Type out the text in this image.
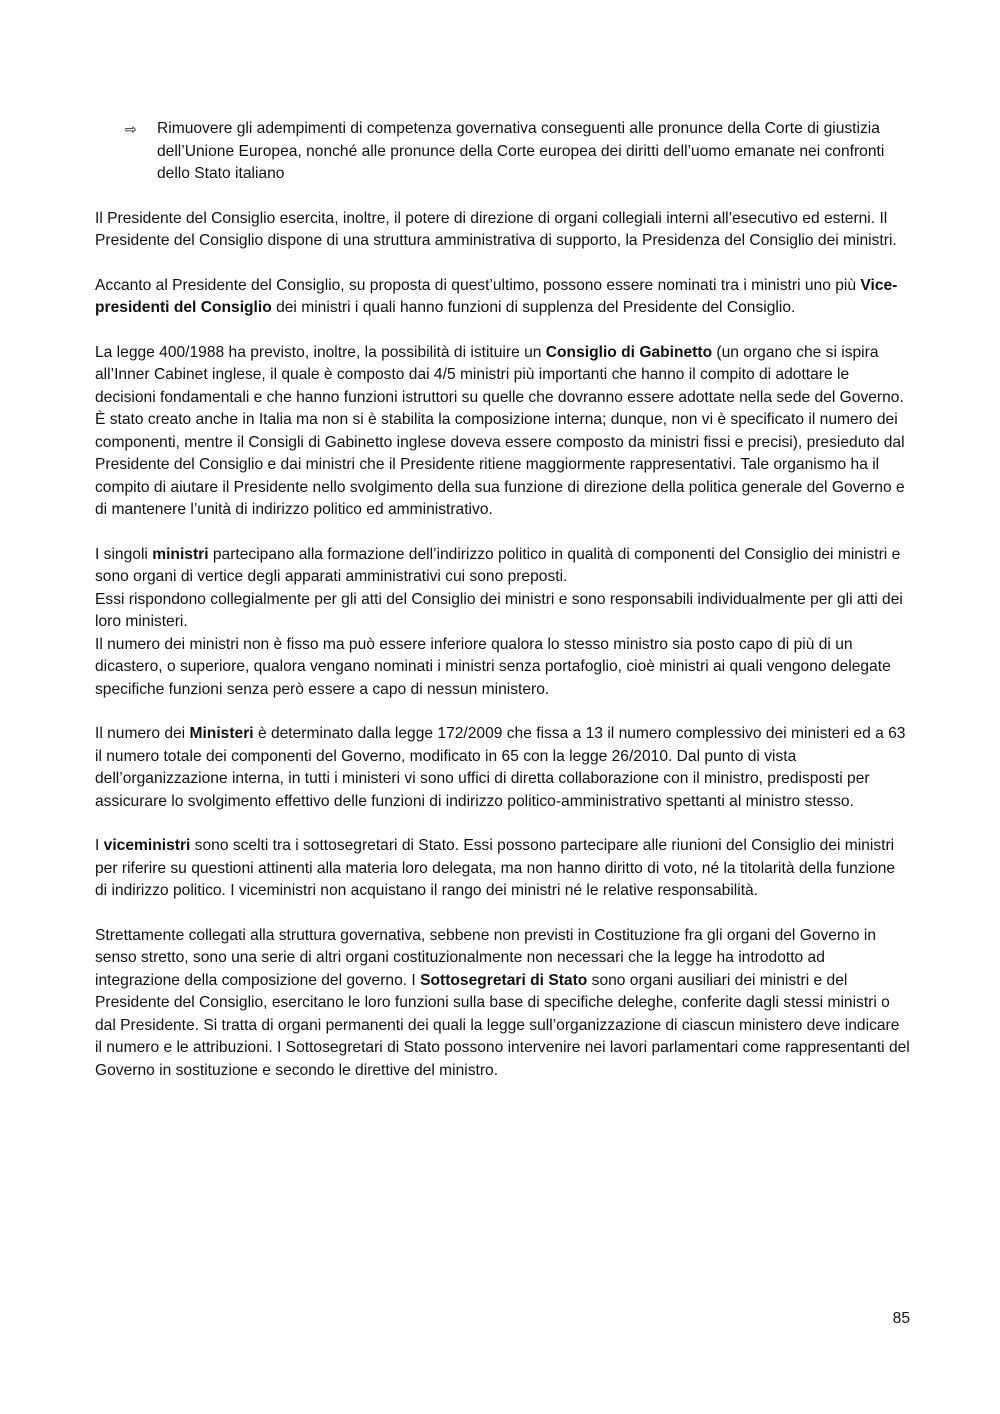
⇨	Rimuovere gli adempimenti di competenza governativa conseguenti alle pronunce della Corte di giustizia dell’Unione Europea, nonché alle pronunce della Corte europea dei diritti dell’uomo emanate nei confronti dello Stato italiano

Il Presidente del Consiglio esercita, inoltre, il potere di direzione di organi collegiali interni all’esecutivo ed esterni. Il Presidente del Consiglio dispone di una struttura amministrativa di supporto, la Presidenza del Consiglio dei ministri.

Accanto al Presidente del Consiglio, su proposta di quest’ultimo, possono essere nominati tra i ministri uno più Vice-presidenti del Consiglio dei ministri i quali hanno funzioni di supplenza del Presidente del Consiglio.

La legge 400/1988 ha previsto, inoltre, la possibilità di istituire un Consiglio di Gabinetto (un organo che si ispira all’Inner Cabinet inglese, il quale è composto dai 4/5 ministri più importanti che hanno il compito di adottare le decisioni fondamentali e che hanno funzioni istruttori su quelle che dovranno essere adottate nella sede del Governo. È stato creato anche in Italia ma non si è stabilita la composizione interna; dunque, non vi è specificato il numero dei componenti, mentre il Consigli di Gabinetto inglese doveva essere composto da ministri fissi e precisi), presieduto dal Presidente del Consiglio e dai ministri che il Presidente ritiene maggiormente rappresentativi. Tale organismo ha il compito di aiutare il Presidente nello svolgimento della sua funzione di direzione della politica generale del Governo e di mantenere l’unità di indirizzo politico ed amministrativo.

I singoli ministri partecipano alla formazione dell’indirizzo politico in qualità di componenti del Consiglio dei ministri e sono organi di vertice degli apparati amministrativi cui sono preposti.

Essi rispondono collegialmente per gli atti del Consiglio dei ministri e sono responsabili individualmente per gli atti dei loro ministeri.

Il numero dei ministri non è fisso ma può essere inferiore qualora lo stesso ministro sia posto capo di più di un dicastero, o superiore, qualora vengano nominati i ministri senza portafoglio, cioè ministri ai quali vengono delegate specifiche funzioni senza però essere a capo di nessun ministero.

Il numero dei Ministeri è determinato dalla legge 172/2009 che fissa a 13 il numero complessivo dei ministeri ed a 63 il numero totale dei componenti del Governo, modificato in 65 con la legge 26/2010. Dal punto di vista dell’organizzazione interna, in tutti i ministeri vi sono uffici di diretta collaborazione con il ministro, predisposti per assicurare lo svolgimento effettivo delle funzioni di indirizzo politico-amministrativo spettanti al ministro stesso.

I viceministri sono scelti tra i sottosegretari di Stato. Essi possono partecipare alle riunioni del Consiglio dei ministri per riferire su questioni attinenti alla materia loro delegata, ma non hanno diritto di voto, né la titolarità della funzione di indirizzo politico. I viceministri non acquistano il rango dei ministri né le relative responsabilità.

Strettamente collegati alla struttura governativa, sebbene non previsti in Costituzione fra gli organi del Governo in senso stretto, sono una serie di altri organi costituzionalmente non necessari che la legge ha introdotto ad integrazione della composizione del governo. I Sottosegretari di Stato sono organi ausiliari dei ministri e del Presidente del Consiglio, esercitano le loro funzioni sulla base di specifiche deleghe, conferite dagli stessi ministri o dal Presidente. Si tratta di organi permanenti dei quali la legge sull’organizzazione di ciascun ministero deve indicare il numero e le attribuzioni. I Sottosegretari di Stato possono intervenire nei lavori parlamentari come rappresentanti del Governo in sostituzione e secondo le direttive del ministro.

85
